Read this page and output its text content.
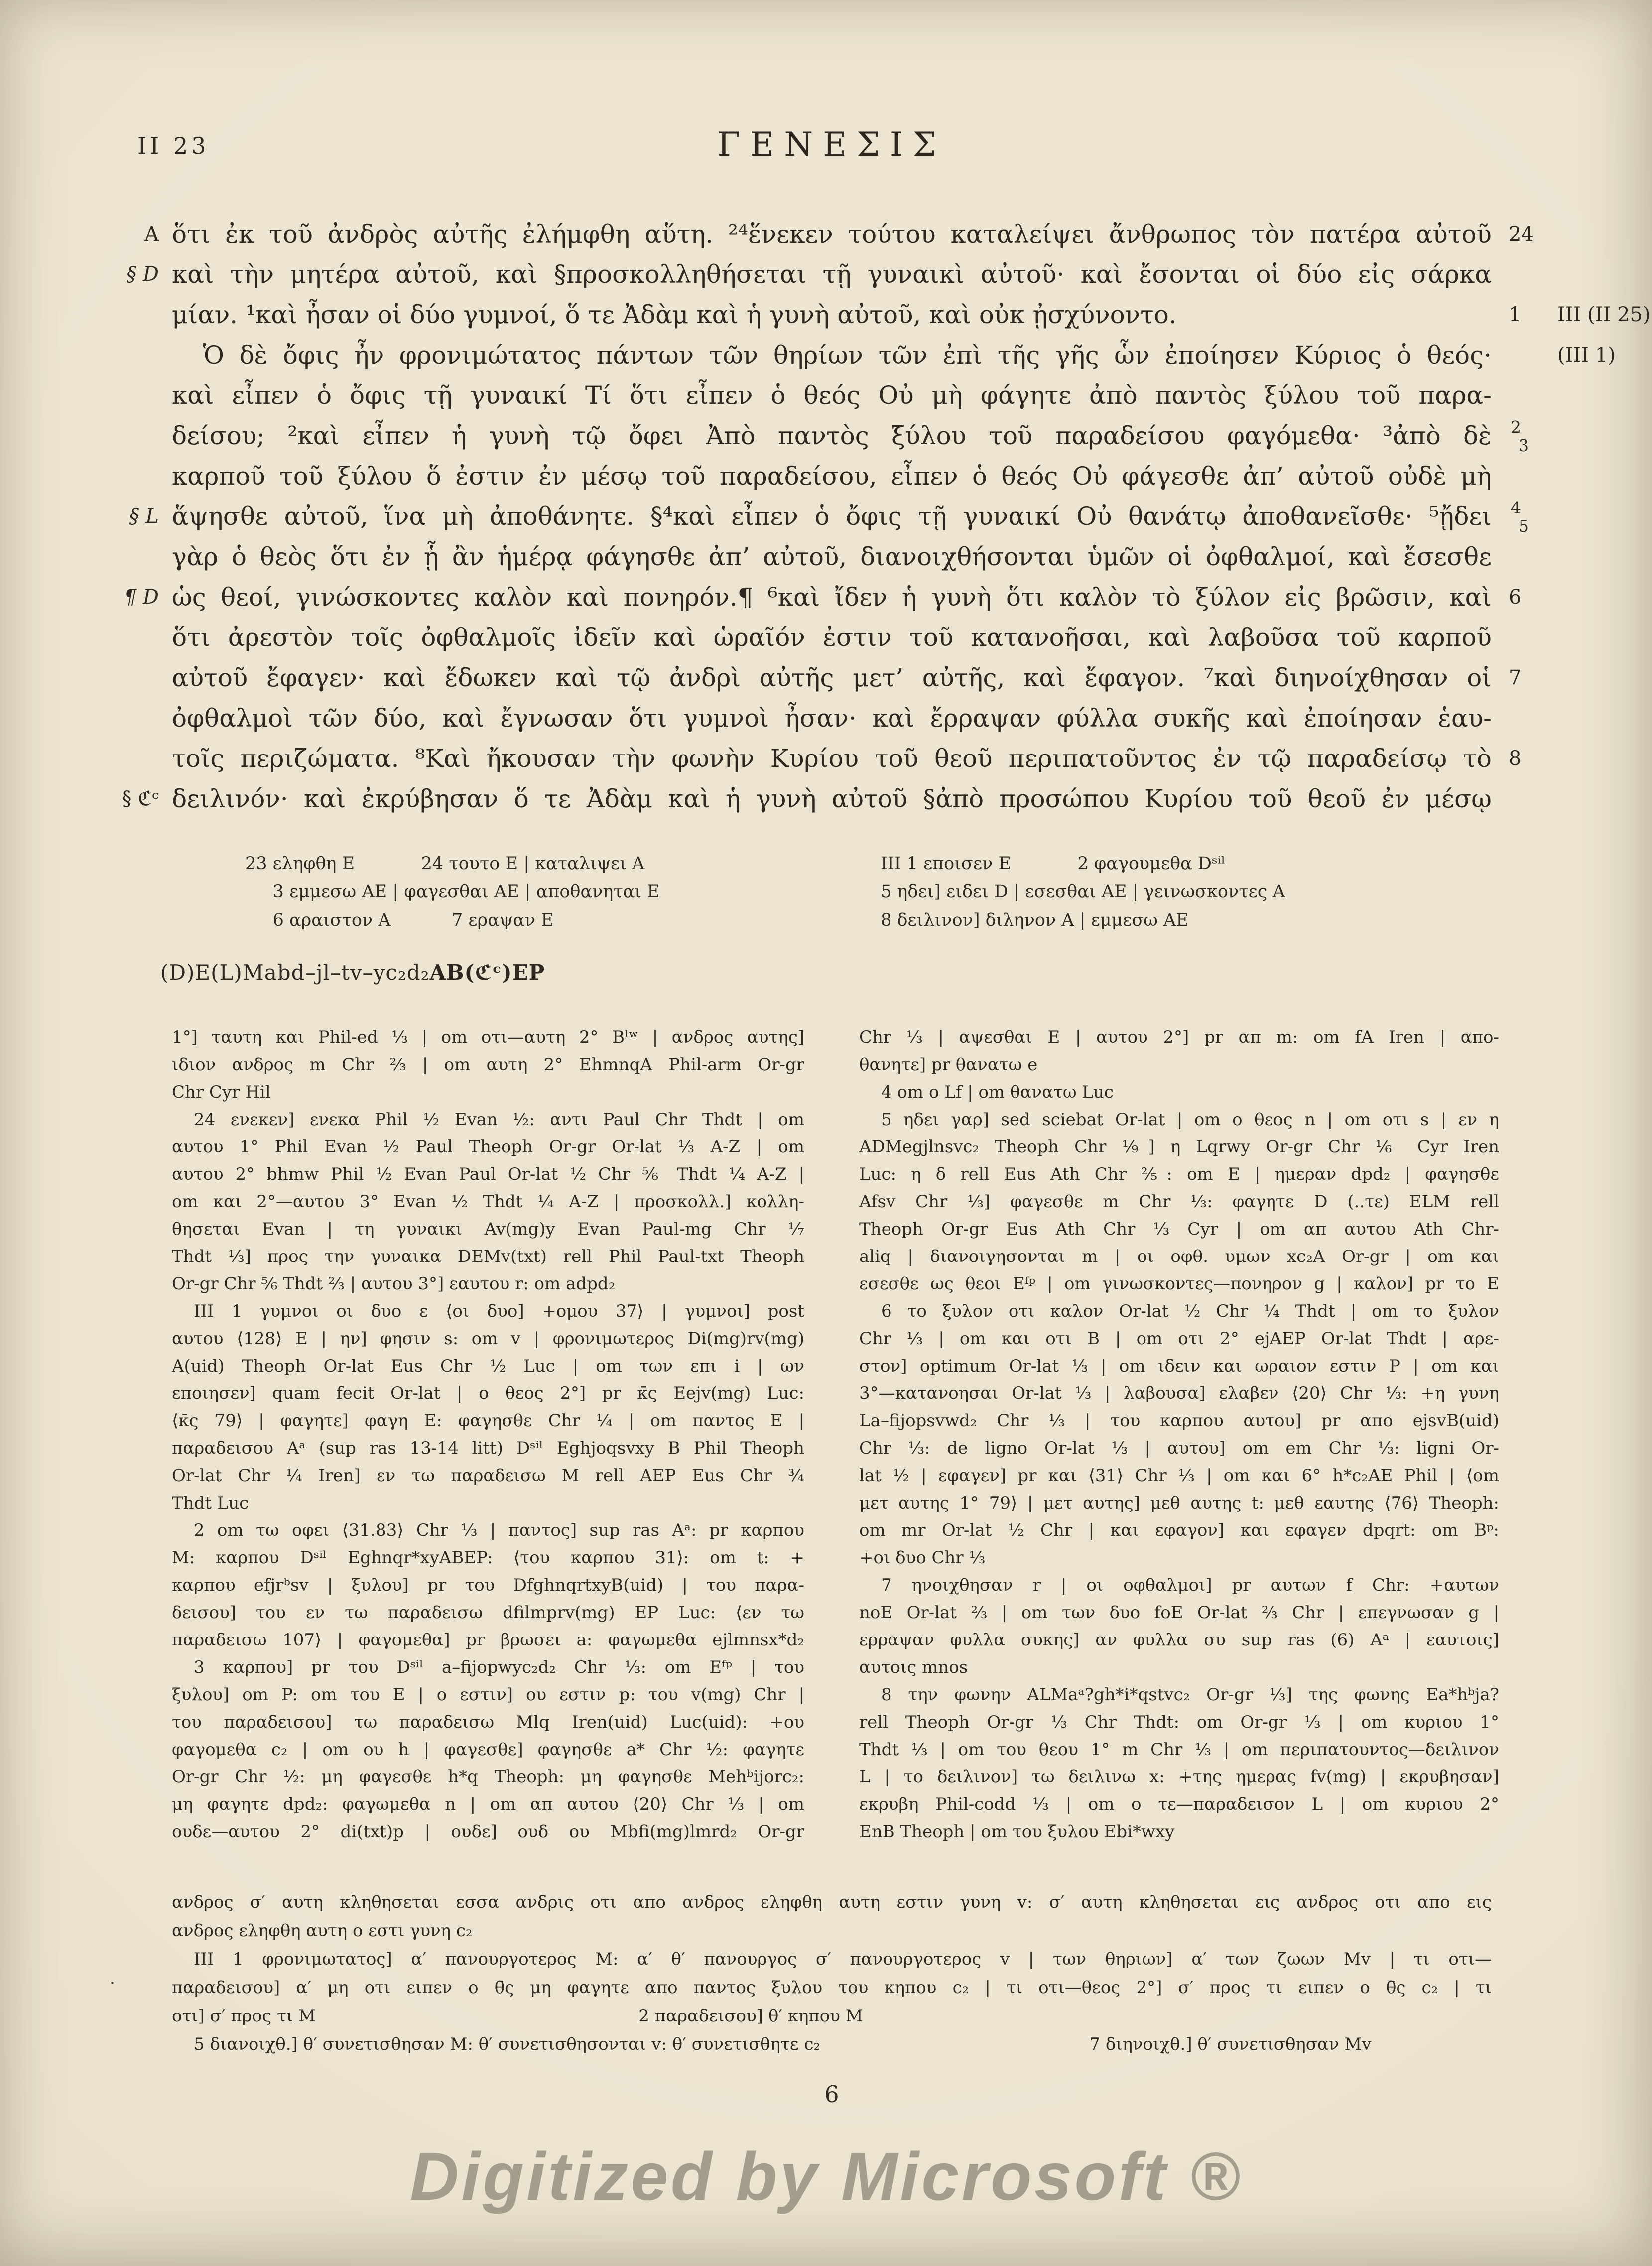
II 23	ΓΕΝΕΣΙΣ
A ὅτι ἐκ τοῦ ἀνδρὸς αὐτῆς ἐλήμφθη αὕτη. ²⁴ἕνεκεν τούτου καταλείψει ἄνθρωπος τὸν πατέρα αὐτοῦ 24
§ D καὶ τὴν μητέρα αὐτοῦ, καὶ §προσκολληθήσεται τῇ γυναικὶ αὐτοῦ· καὶ ἔσονται οἱ δύο εἰς σάρκα
μίαν. ¹καὶ ἦσαν οἱ δύο γυμνοί, ὅ τε Ἀδὰμ καὶ ἡ γυνὴ αὐτοῦ, καὶ οὐκ ᾐσχύνοντο.	1 III (II 25)
Ὁ δὲ ὄφις ἦν φρονιμώτατος πάντων τῶν θηρίων τῶν ἐπὶ τῆς γῆς ὧν ἐποίησεν Κύριος ὁ θεός·	(III 1)
καὶ εἶπεν ὁ ὄφις τῇ γυναικί Τί ὅτι εἶπεν ὁ θεός Οὐ μὴ φάγητε ἀπὸ παντὸς ξύλου τοῦ παρα-
δείσου; ²καὶ εἶπεν ἡ γυνὴ τῷ ὄφει Ἀπὸ παντὸς ξύλου τοῦ παραδείσου φαγόμεθα· ³ἀπὸ δὲ 2
3
καρποῦ τοῦ ξύλου ὅ ἐστιν ἐν μέσῳ τοῦ παραδείσου, εἶπεν ὁ θεός Οὐ φάγεσθε ἀπ’ αὐτοῦ οὐδὲ μὴ
§ L ἅψησθε αὐτοῦ, ἵνα μὴ ἀποθάνητε. §⁴καὶ εἶπεν ὁ ὄφις τῇ γυναικί Οὐ θανάτῳ ἀποθανεῖσθε· ⁵ᾔδει 4
5
γὰρ ὁ θεὸς ὅτι ἐν ᾗ ἂν ἡμέρᾳ φάγησθε ἀπ’ αὐτοῦ, διανοιχθήσονται ὑμῶν οἱ ὀφθαλμοί, καὶ ἔσεσθε
¶ D ὡς θεοί, γινώσκοντες καλὸν καὶ πονηρόν.¶ ⁶καὶ ἴδεν ἡ γυνὴ ὅτι καλὸν τὸ ξύλον εἰς βρῶσιν, καὶ 6
ὅτι ἀρεστὸν τοῖς ὀφθαλμοῖς ἰδεῖν καὶ ὡραῖόν ἐστιν τοῦ κατανοῆσαι, καὶ λαβοῦσα τοῦ καρποῦ
αὐτοῦ ἔφαγεν· καὶ ἔδωκεν καὶ τῷ ἀνδρὶ αὐτῆς μετ’ αὐτῆς, καὶ ἔφαγον. ⁷καὶ διηνοίχθησαν οἱ 7
ὀφθαλμοὶ τῶν δύο, καὶ ἔγνωσαν ὅτι γυμνοὶ ἦσαν· καὶ ἔρραψαν φύλλα συκῆς καὶ ἐποίησαν ἑαυ-
τοῖς περιζώματα. ⁸Καὶ ἤκουσαν τὴν φωνὴν Κυρίου τοῦ θεοῦ περιπατοῦντος ἐν τῷ παραδείσῳ τὸ 8
§ ℭᶜ δειλινόν· καὶ ἐκρύβησαν ὅ τε Ἀδὰμ καὶ ἡ γυνὴ αὐτοῦ §ἀπὸ προσώπου Κυρίου τοῦ θεοῦ ἐν μέσῳ
23 εληφθη E            24 τουτο E | καταλιψει A
3 εμμεσω AE | φαγεσθαι AE | αποθανηται E
6 αραιστον A           7 εραψαν E
III 1 εποισεν E            2 φαγουμεθα Dˢⁱˡ
5 ηδει] ειδει D | εσεσθαι AE | γεινωσκοντες A
8 δειλινον] διληνον A | εμμεσω AE
(D)E(L)Mabd–jl–tv–yc₂d₂AB(ℭᶜ)EP
1°] ταυτη και Phil-ed ⅓ | om οτι—αυτη 2° Bˡʷ | ανδρος αυτης]
ιδιον ανδρος m Chr ⅔ | om αυτη 2° EhmnqA Phil-arm Or-gr
Chr Cyr Hil
24 ενεκεν] ενεκα Phil ½ Evan ½: αντι Paul Chr Thdt | om
αυτου 1° Phil Evan ½ Paul Theoph Or-gr Or-lat ⅓ A-Z | om
αυτου 2° bhmw Phil ½ Evan Paul Or-lat ½ Chr ⅚ Thdt ¼ A-Z |
om και 2°—αυτου 3° Evan ½ Thdt ¼ A-Z | προσκολλ.] κολλη-
θησεται Evan | τη γυναικι Av(mg)y Evan Paul-mg Chr ⅐
Thdt ⅓] προς την γυναικα DEMv(txt) rell Phil Paul-txt Theoph
Or-gr Chr ⅚ Thdt ⅔ | αυτου 3°] εαυτου r: om adpd₂
III 1 γυμνοι οι δυο ε ⟨οι δυο] +ομου 37⟩ | γυμνοι] post
αυτου ⟨128⟩ E | ην] φησιν s: om v | φρονιμωτερος Di(mg)rv(mg)
A(uid) Theoph Or-lat Eus Chr ½ Luc | om των επι i | ων
εποιησεν] quam fecit Or-lat | ο θεος 2°] pr κ̄ς Eejv(mg) Luc:
⟨κ̄ς 79⟩ | φαγητε] φαγη E: φαγησθε Chr ¼ | om παντος E |
παραδεισου Aᵃ (sup ras 13-14 litt) Dˢⁱˡ Eghjoqsvxy B Phil Theoph
Or-lat Chr ¼ Iren] εν τω παραδεισω M rell AEP Eus Chr ¾
Thdt Luc
2 om τω οφει ⟨31.83⟩ Chr ⅓ | παντος] sup ras Aᵃ: pr καρπου
M: καρπου Dˢⁱˡ Eghnqr*xyABEP: ⟨του καρπου 31⟩: om t: +
καρπου efjrᵇsv | ξυλου] pr του DfghnqrtxyB(uid) | του παρα-
δεισου] του εν τω παραδεισω dfilmprv(mg) EP Luc: ⟨εν τω
παραδεισω 107⟩ | φαγομεθα] pr βρωσει a: φαγωμεθα ejlmnsx*d₂
3 καρπου] pr του Dˢⁱˡ a–fijopwyc₂d₂ Chr ⅓: om Eᶠᵖ | του
ξυλου] om P: om του E | ο εστιν] ου εστιν p: του v(mg) Chr |
του παραδεισου] τω παραδεισω Mlq Iren(uid) Luc(uid): +ου
φαγομεθα c₂ | om ου h | φαγεσθε] φαγησθε a* Chr ½: φαγητε
Or-gr Chr ½: μη φαγεσθε h*q Theoph: μη φαγησθε Mehᵇijorc₂:
μη φαγητε dpd₂: φαγωμεθα n | om απ αυτου ⟨20⟩ Chr ⅓ | om
ουδε—αυτου 2° di(txt)p | ουδε] ουδ ου Mbfi(mg)lmrd₂ Or-gr
Chr ⅓ | αψεσθαι E | αυτου 2°] pr απ m: om fA Iren | απο-
θανητε] pr θανατω e
4 om ο Lf | om θανατω Luc
5 ηδει γαρ] sed sciebat Or-lat | om ο θεος n | om οτι s | εν η
ADMegjlnsvc₂ Theoph Chr ⅑] η Lqrwy Or-gr Chr ⅙ Cyr Iren
Luc: η δ rell Eus Ath Chr ⅖: om E | ημεραν dpd₂ | φαγησθε
Afsv Chr ⅓] φαγεσθε m Chr ⅓: φαγητε D (..τε) ELM rell
Theoph Or-gr Eus Ath Chr ⅓ Cyr | om απ αυτου Ath Chr-
aliq | διανοιγησονται m | οι οφθ. υμων xc₂A Or-gr | om και
εσεσθε ως θεοι Eᶠᵖ | om γινωσκοντες—πονηρον g | καλον] pr το E
6 το ξυλον οτι καλον Or-lat ½ Chr ¼ Thdt | om το ξυλον
Chr ⅓ | om και οτι B | om οτι 2° ejAEP Or-lat Thdt | αρε-
στον] optimum Or-lat ⅓ | om ιδειν και ωραιον εστιν P | om και
3°—κατανοησαι Or-lat ⅓ | λαβουσα] ελαβεν ⟨20⟩ Chr ⅓: +η γυνη
La–fijopsvwd₂ Chr ⅓ | του καρπου αυτου] pr απο ejsvB(uid)
Chr ⅓: de ligno Or-lat ⅓ | αυτου] om em Chr ⅓: ligni Or-
lat ½ | εφαγεν] pr και ⟨31⟩ Chr ⅓ | om και 6° h*c₂AE Phil | ⟨om
μετ αυτης 1° 79⟩ | μετ αυτης] μεθ αυτης t: μεθ εαυτης ⟨76⟩ Theoph:
om mr Or-lat ½ Chr | και εφαγον] και εφαγεν dpqrt: om Bᵖ:
+οι δυο Chr ⅓
7 ηνοιχθησαν r | οι οφθαλμοι] pr αυτων f Chr: +αυτων
noE Or-lat ⅔ | om των δυο foE Or-lat ⅔ Chr | επεγνωσαν g |
ερραψαν φυλλα συκης] αν φυλλα συ sup ras (6) Aᵃ | εαυτοις]
αυτοις mnos
8 την φωνην ALMaᵃ?gh*i*qstvc₂ Or-gr ⅓] της φωνης Ea*hᵇja?
rell Theoph Or-gr ⅓ Chr Thdt: om Or-gr ⅓ | om κυριου 1°
Thdt ⅓ | om του θεου 1° m Chr ⅓ | om περιπατουντος—δειλινον
L | το δειλινον] τω δειλινω x: +της ημερας fv(mg) | εκρυβησαν]
εκρυβη Phil-codd ⅓ | om ο τε—παραδεισον L | om κυριου 2°
EnB Theoph | om του ξυλου Ebi*wxy
ανδρος σ′ αυτη κληθησεται εσσα ανδρις οτι απο ανδρος εληφθη αυτη εστιν γυνη v: σ′ αυτη κληθησεται εις ανδρος οτι απο εις
ανδρος εληφθη αυτη ο εστι γυνη c₂
III 1 φρονιμωτατος] α′ πανουργοτερος M: α′ θ′ πανουργος σ′ πανουργοτερος v | των θηριων] α′ των ζωων Mv | τι οτι—
παραδεισου] α′ μη οτι ειπεν ο θ̄ς μη φαγητε απο παντος ξυλου του κηπου c₂ | τι οτι—θεος 2°] σ′ προς τι ειπεν ο θ̄ς c₂ | τι
οτι] σ′ προς τι M                                                            2 παραδεισου] θ′ κηπου M
5 διανοιχθ.] θ′ συνετισθησαν M: θ′ συνετισθησονται v: θ′ συνετισθητε c₂                                                  7 διηνοιχθ.] θ′ συνετισθησαν Mv
·
6
Digitized by Microsoft ®
